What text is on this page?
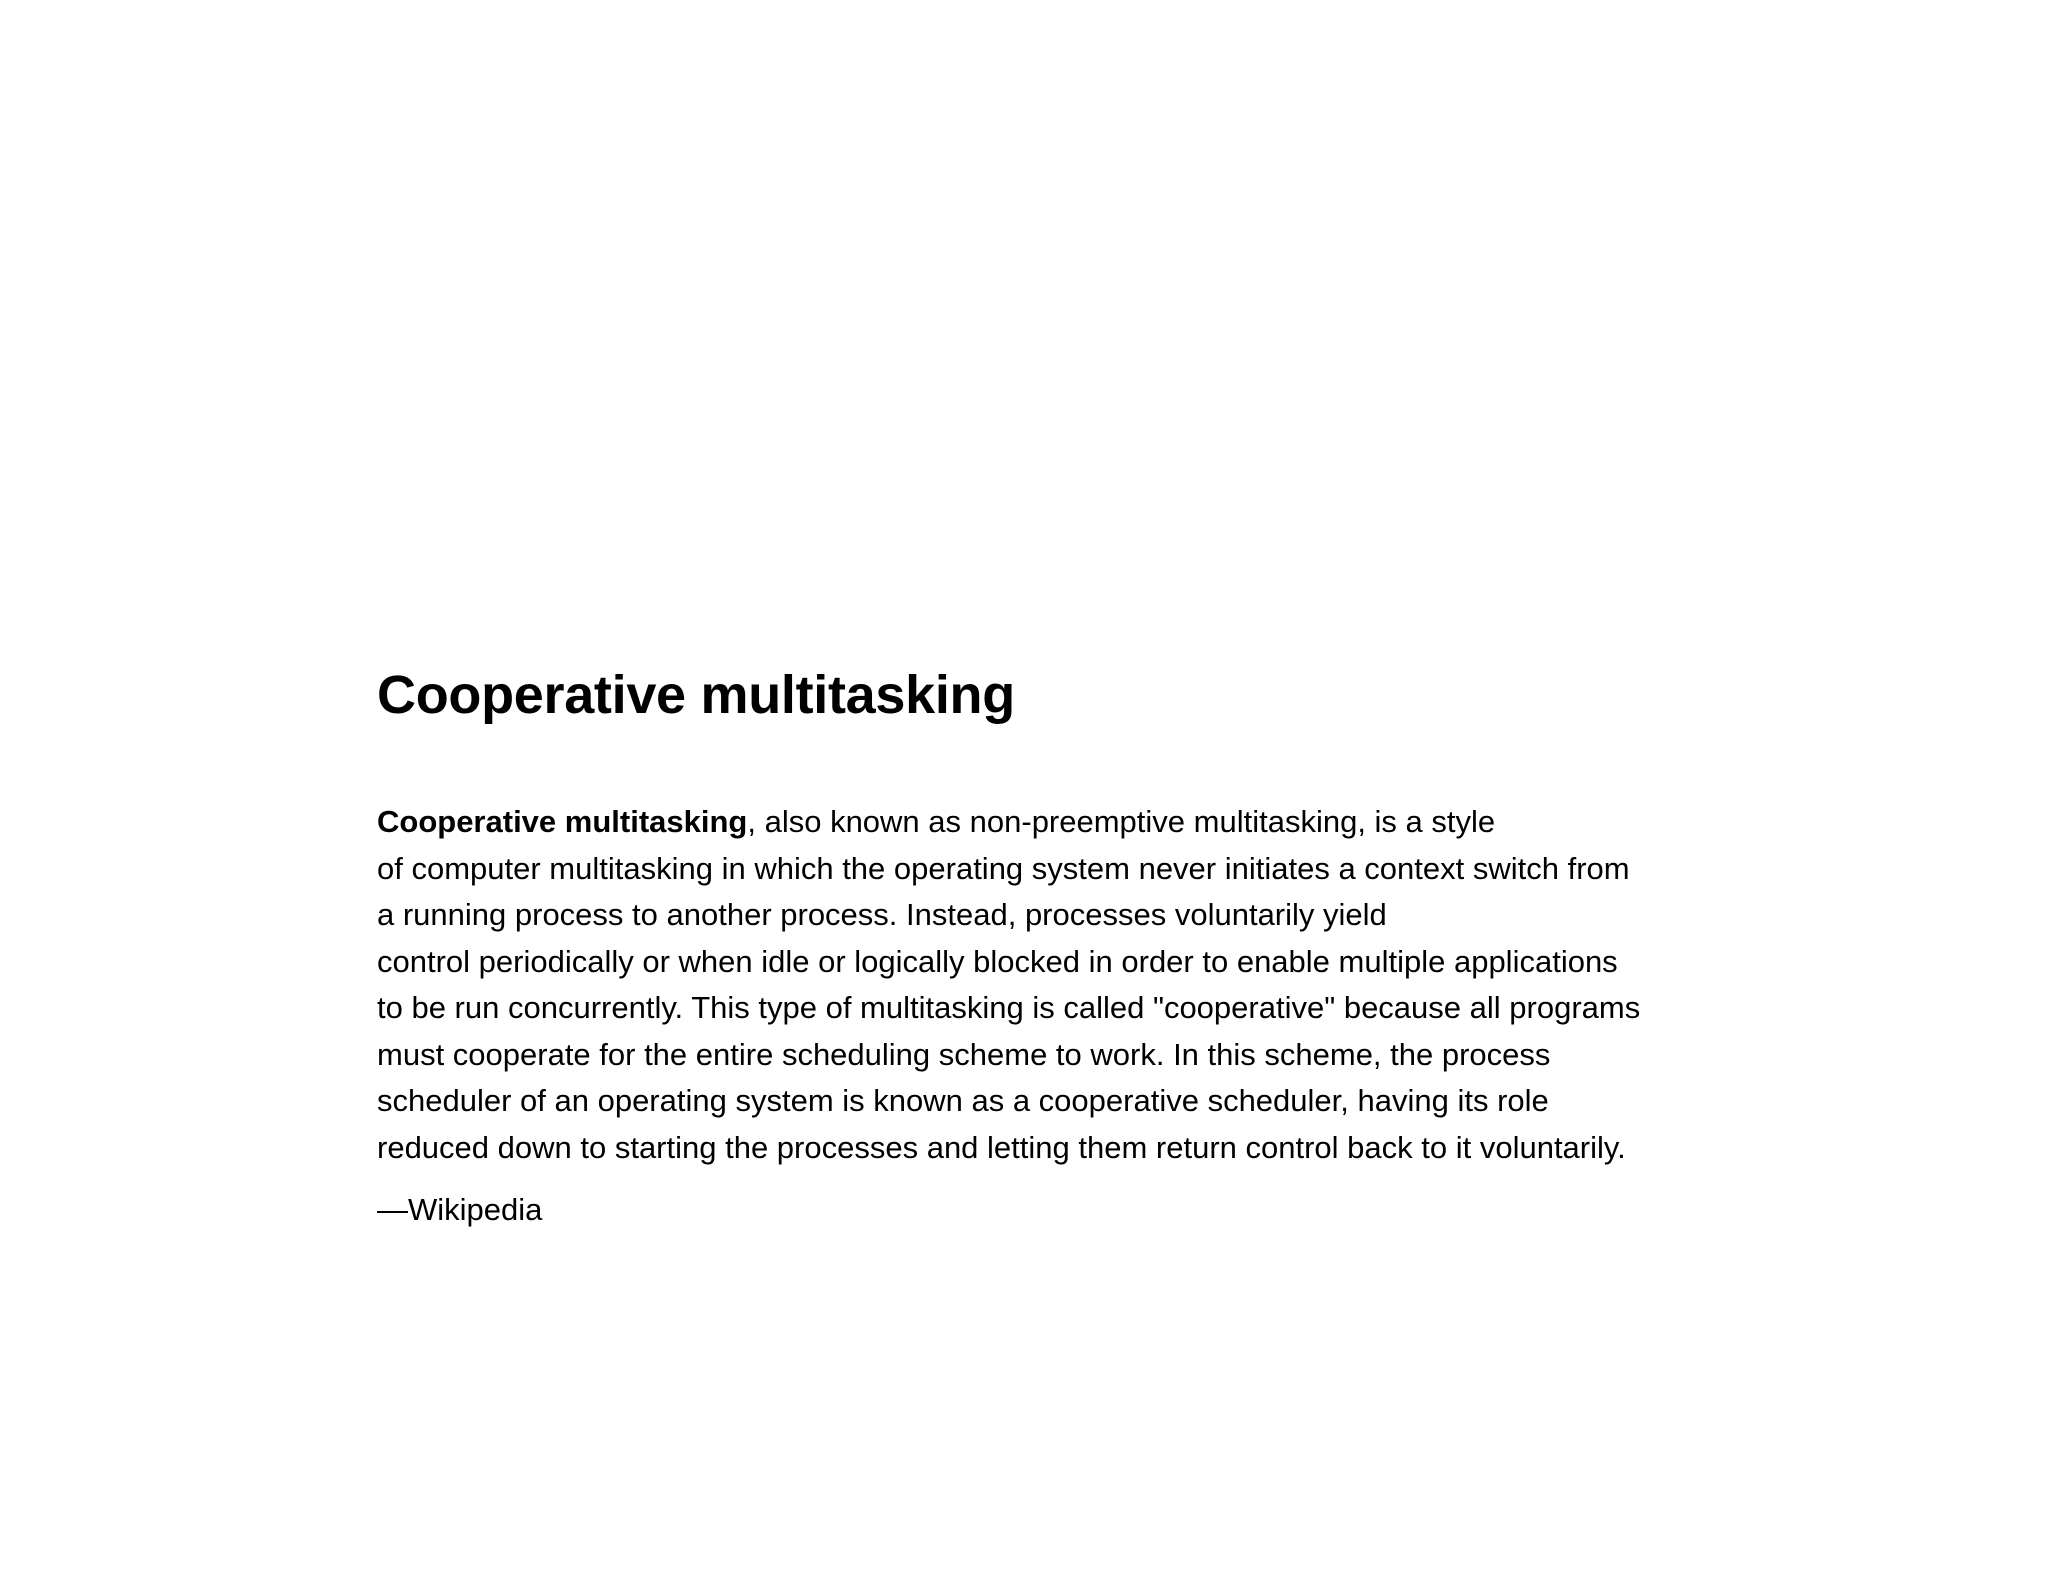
Cooperative multitasking
Cooperative multitasking, also known as non-preemptive multitasking, is a style
of computer multitasking in which the operating system never initiates a context switch from
a running process to another process. Instead, processes voluntarily yield
control periodically or when idle or logically blocked in order to enable multiple applications
to be run concurrently. This type of multitasking is called "cooperative" because all programs
must cooperate for the entire scheduling scheme to work. In this scheme, the process
scheduler of an operating system is known as a cooperative scheduler, having its role
reduced down to starting the processes and letting them return control back to it voluntarily.
—Wikipedia
